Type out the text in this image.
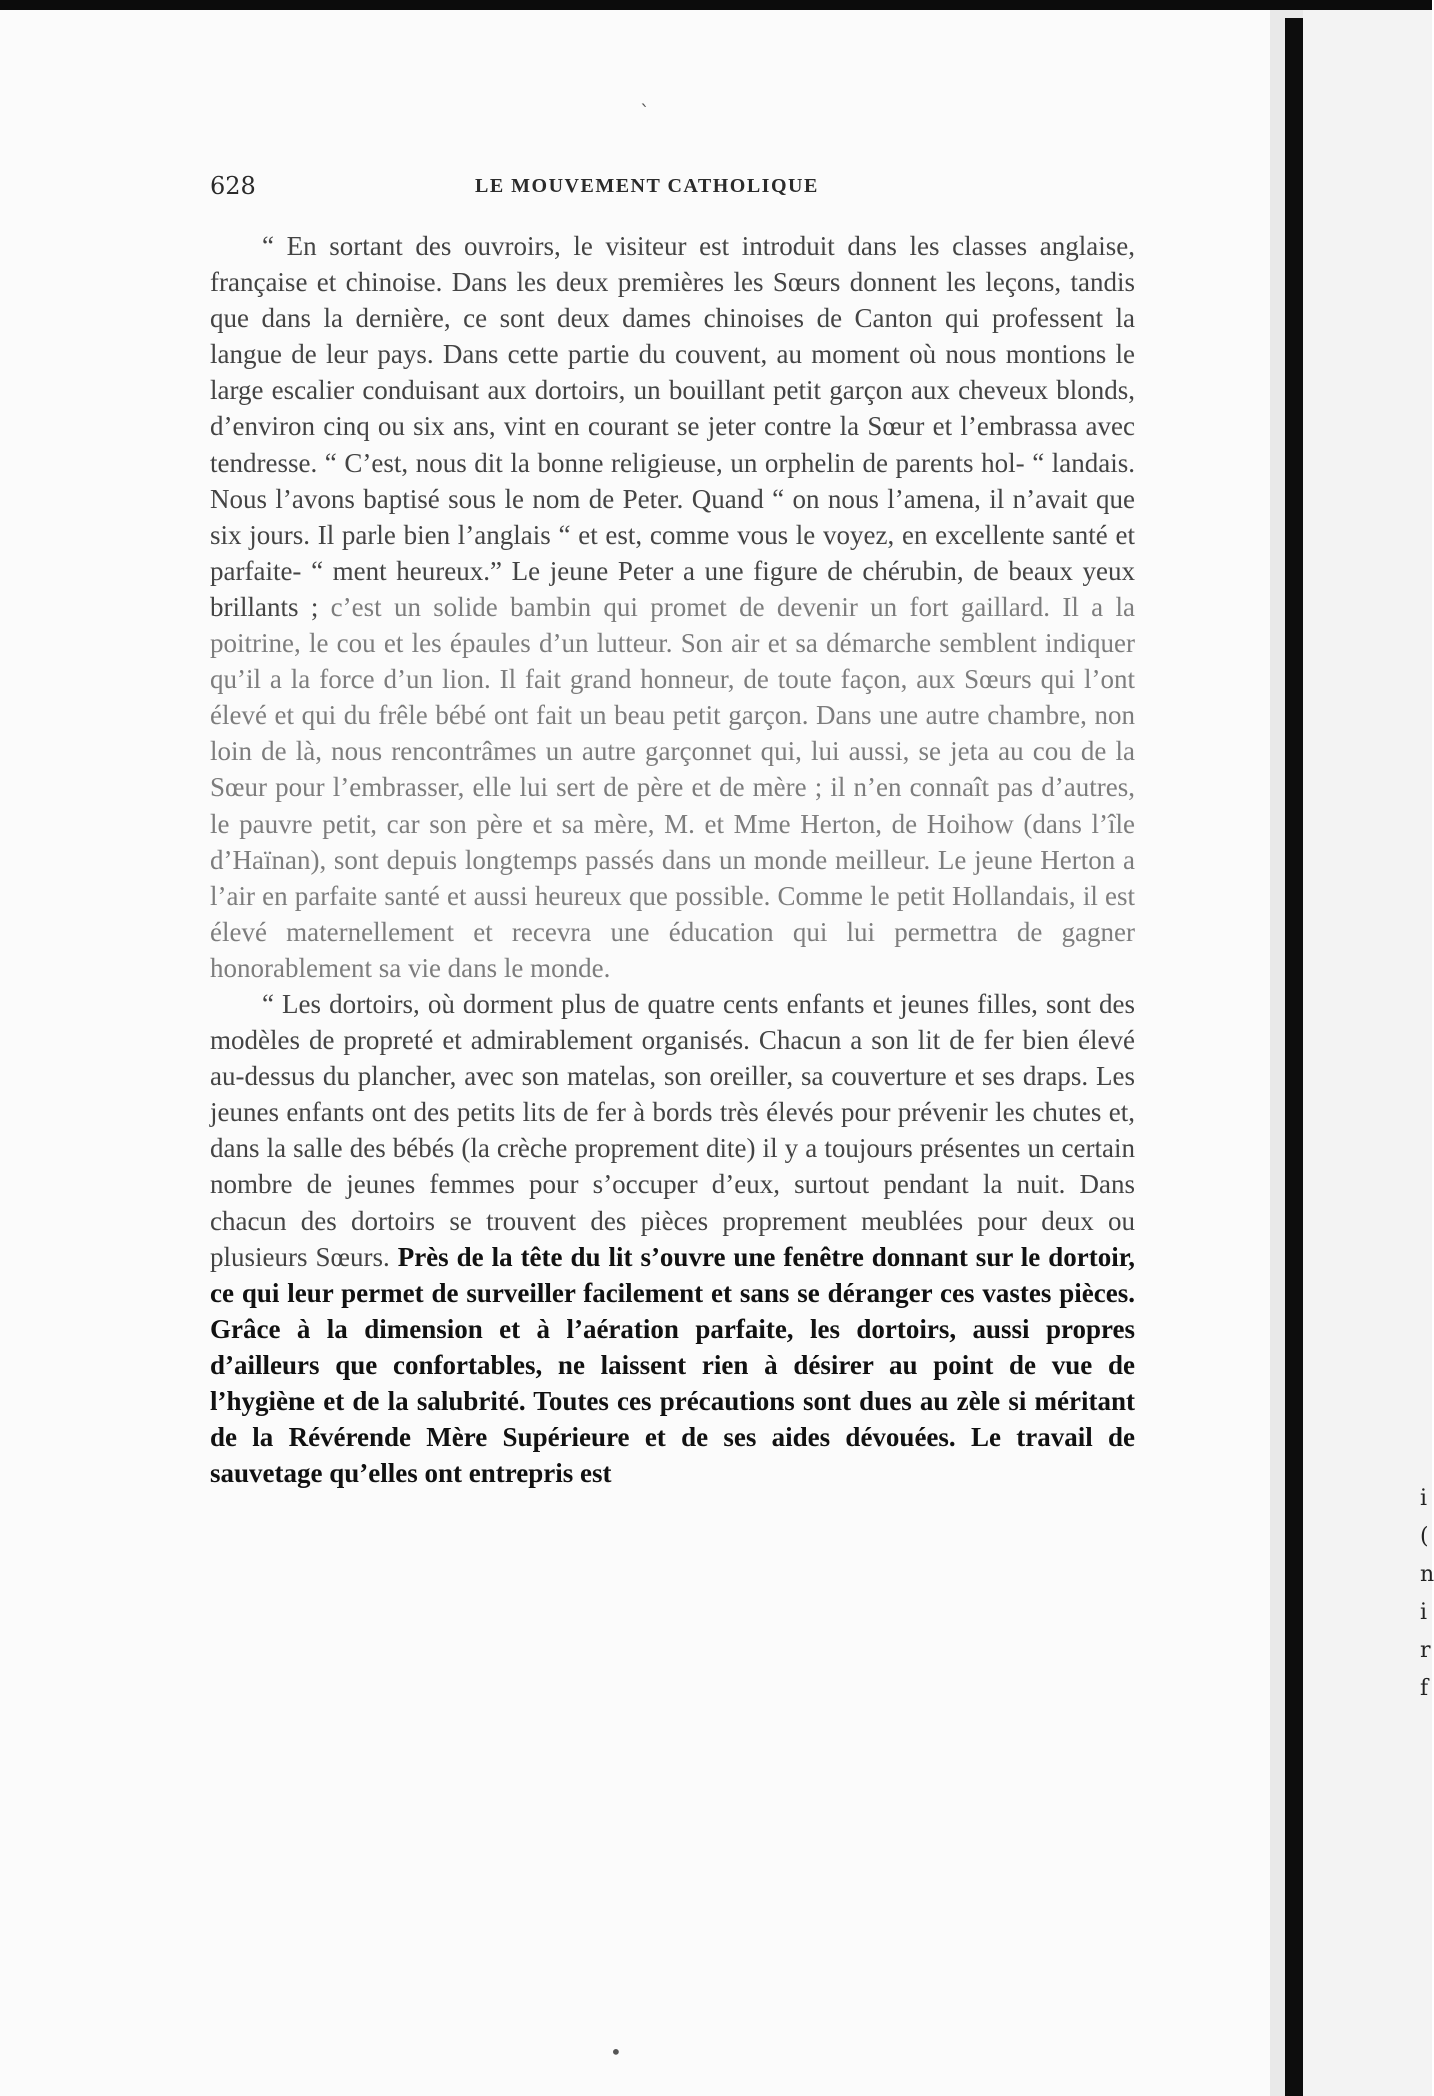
i
(
n
i
r
f
628	LE MOUVEMENT CATHOLIQUE

“ En sortant des ouvroirs, le visiteur est introduit dans les classes anglaise, française et chinoise. Dans les deux premières les Sœurs donnent les leçons, tandis que dans la dernière, ce sont deux dames chinoises de Canton qui professent la langue de leur pays. Dans cette partie du couvent, au moment où nous montions le large escalier conduisant aux dortoirs, un bouillant petit garçon aux cheveux blonds, d’environ cinq ou six ans, vint en courant se jeter contre la Sœur et l’embrassa avec tendresse. “ C’est, nous dit la bonne religieuse, un orphelin de parents hol- “ landais. Nous l’avons baptisé sous le nom de Peter. Quand “ on nous l’amena, il n’avait que six jours. Il parle bien l’anglais “ et est, comme vous le voyez, en excellente santé et parfaite- “ ment heureux.” Le jeune Peter a une figure de chérubin, de beaux yeux brillants ; c’est un solide bambin qui promet de devenir un fort gaillard. Il a la poitrine, le cou et les épaules d’un lutteur. Son air et sa démarche semblent indiquer qu’il a la force d’un lion. Il fait grand honneur, de toute façon, aux Sœurs qui l’ont élevé et qui du frêle bébé ont fait un beau petit garçon. Dans une autre chambre, non loin de là, nous rencontrâmes un autre garçonnet qui, lui aussi, se jeta au cou de la Sœur pour l’embrasser, elle lui sert de père et de mère ; il n’en connaît pas d’autres, le pauvre petit, car son père et sa mère, M. et Mme Herton, de Hoihow (dans l’île d’Haïnan), sont depuis longtemps passés dans un monde meilleur. Le jeune Herton a l’air en parfaite santé et aussi heureux que possible. Comme le petit Hollandais, il est élevé maternellement et recevra une éducation qui lui permettra de gagner honorablement sa vie dans le monde.

“ Les dortoirs, où dorment plus de quatre cents enfants et jeunes filles, sont des modèles de propreté et admirablement organisés. Chacun a son lit de fer bien élevé au-dessus du plancher, avec son matelas, son oreiller, sa couverture et ses draps. Les jeunes enfants ont des petits lits de fer à bords très élevés pour prévenir les chutes et, dans la salle des bébés (la crèche proprement dite) il y a toujours présentes un certain nombre de jeunes femmes pour s’occuper d’eux, surtout pendant la nuit. Dans chacun des dortoirs se trouvent des pièces proprement meublées pour deux ou plusieurs Sœurs. Près de la tête du lit s’ouvre une fenêtre donnant sur le dortoir, ce qui leur permet de surveiller facilement et sans se déranger ces vastes pièces. Grâce à la dimension et à l’aération parfaite, les dortoirs, aussi propres d’ailleurs que confortables, ne laissent rien à désirer au point de vue de l’hygiène et de la salubrité. Toutes ces précautions sont dues au zèle si méritant de la Révérende Mère Supérieure et de ses aides dévouées. Le travail de sauvetage qu’elles ont entrepris est

ˋ
•
